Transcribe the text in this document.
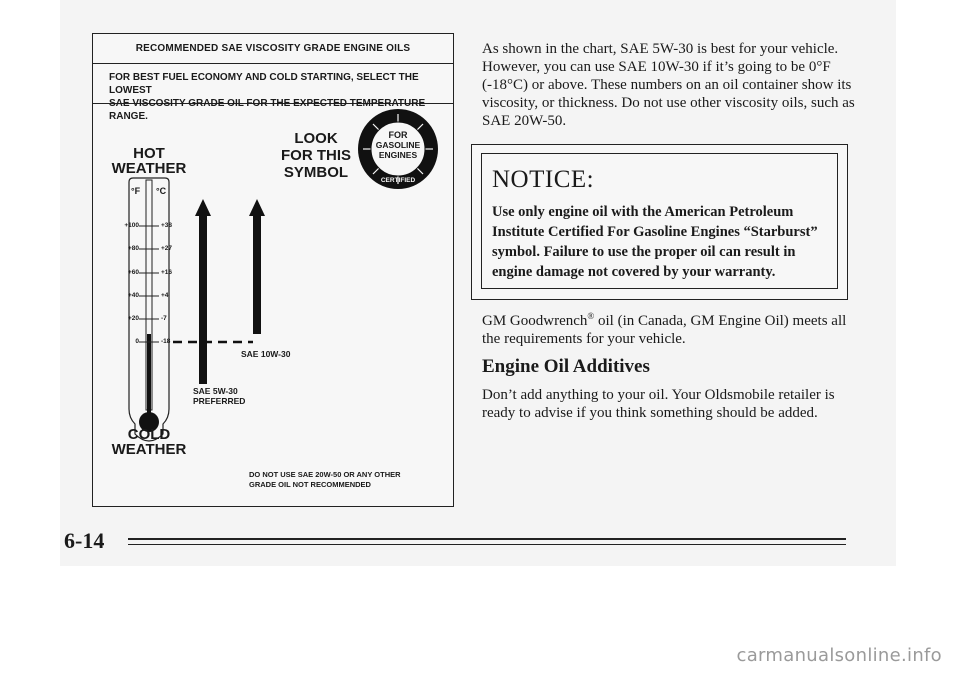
RECOMMENDED SAE VISCOSITY GRADE ENGINE OILS
FOR BEST FUEL ECONOMY AND COLD STARTING, SELECT THE LOWEST
SAE VISCOSITY GRADE OIL FOR THE EXPECTED TEMPERATURE RANGE.
FOR
GASOLINE
ENGINES
CERTIFIED
LOOK
FOR THIS
SYMBOL
HOT
WEATHER
°F °C
+100
+80
+60
+40
+20
0
+38
+27
+16
+4
-7
-18
SAE 10W-30
SAE 5W-30
PREFERRED
COLD
WEATHER
DO NOT USE SAE 20W-50 OR ANY OTHER
GRADE OIL NOT RECOMMENDED
As shown in the chart, SAE 5W-30 is best for your vehicle. However, you can use SAE 10W-30 if it’s going to be 0°F (-18°C) or above. These numbers on an oil container show its viscosity, or thickness. Do not use other viscosity oils, such as SAE 20W-50.
NOTICE:

Use only engine oil with the American Petroleum Institute Certified For Gasoline Engines “Starburst” symbol. Failure to use the proper oil can result in engine damage not covered by your warranty.

GM Goodwrench® oil (in Canada, GM Engine Oil) meets all the requirements for your vehicle.
Engine Oil Additives
Don’t add anything to your oil. Your Oldsmobile retailer is ready to advise if you think something should be added.
6-14
carmanualsonline.info
